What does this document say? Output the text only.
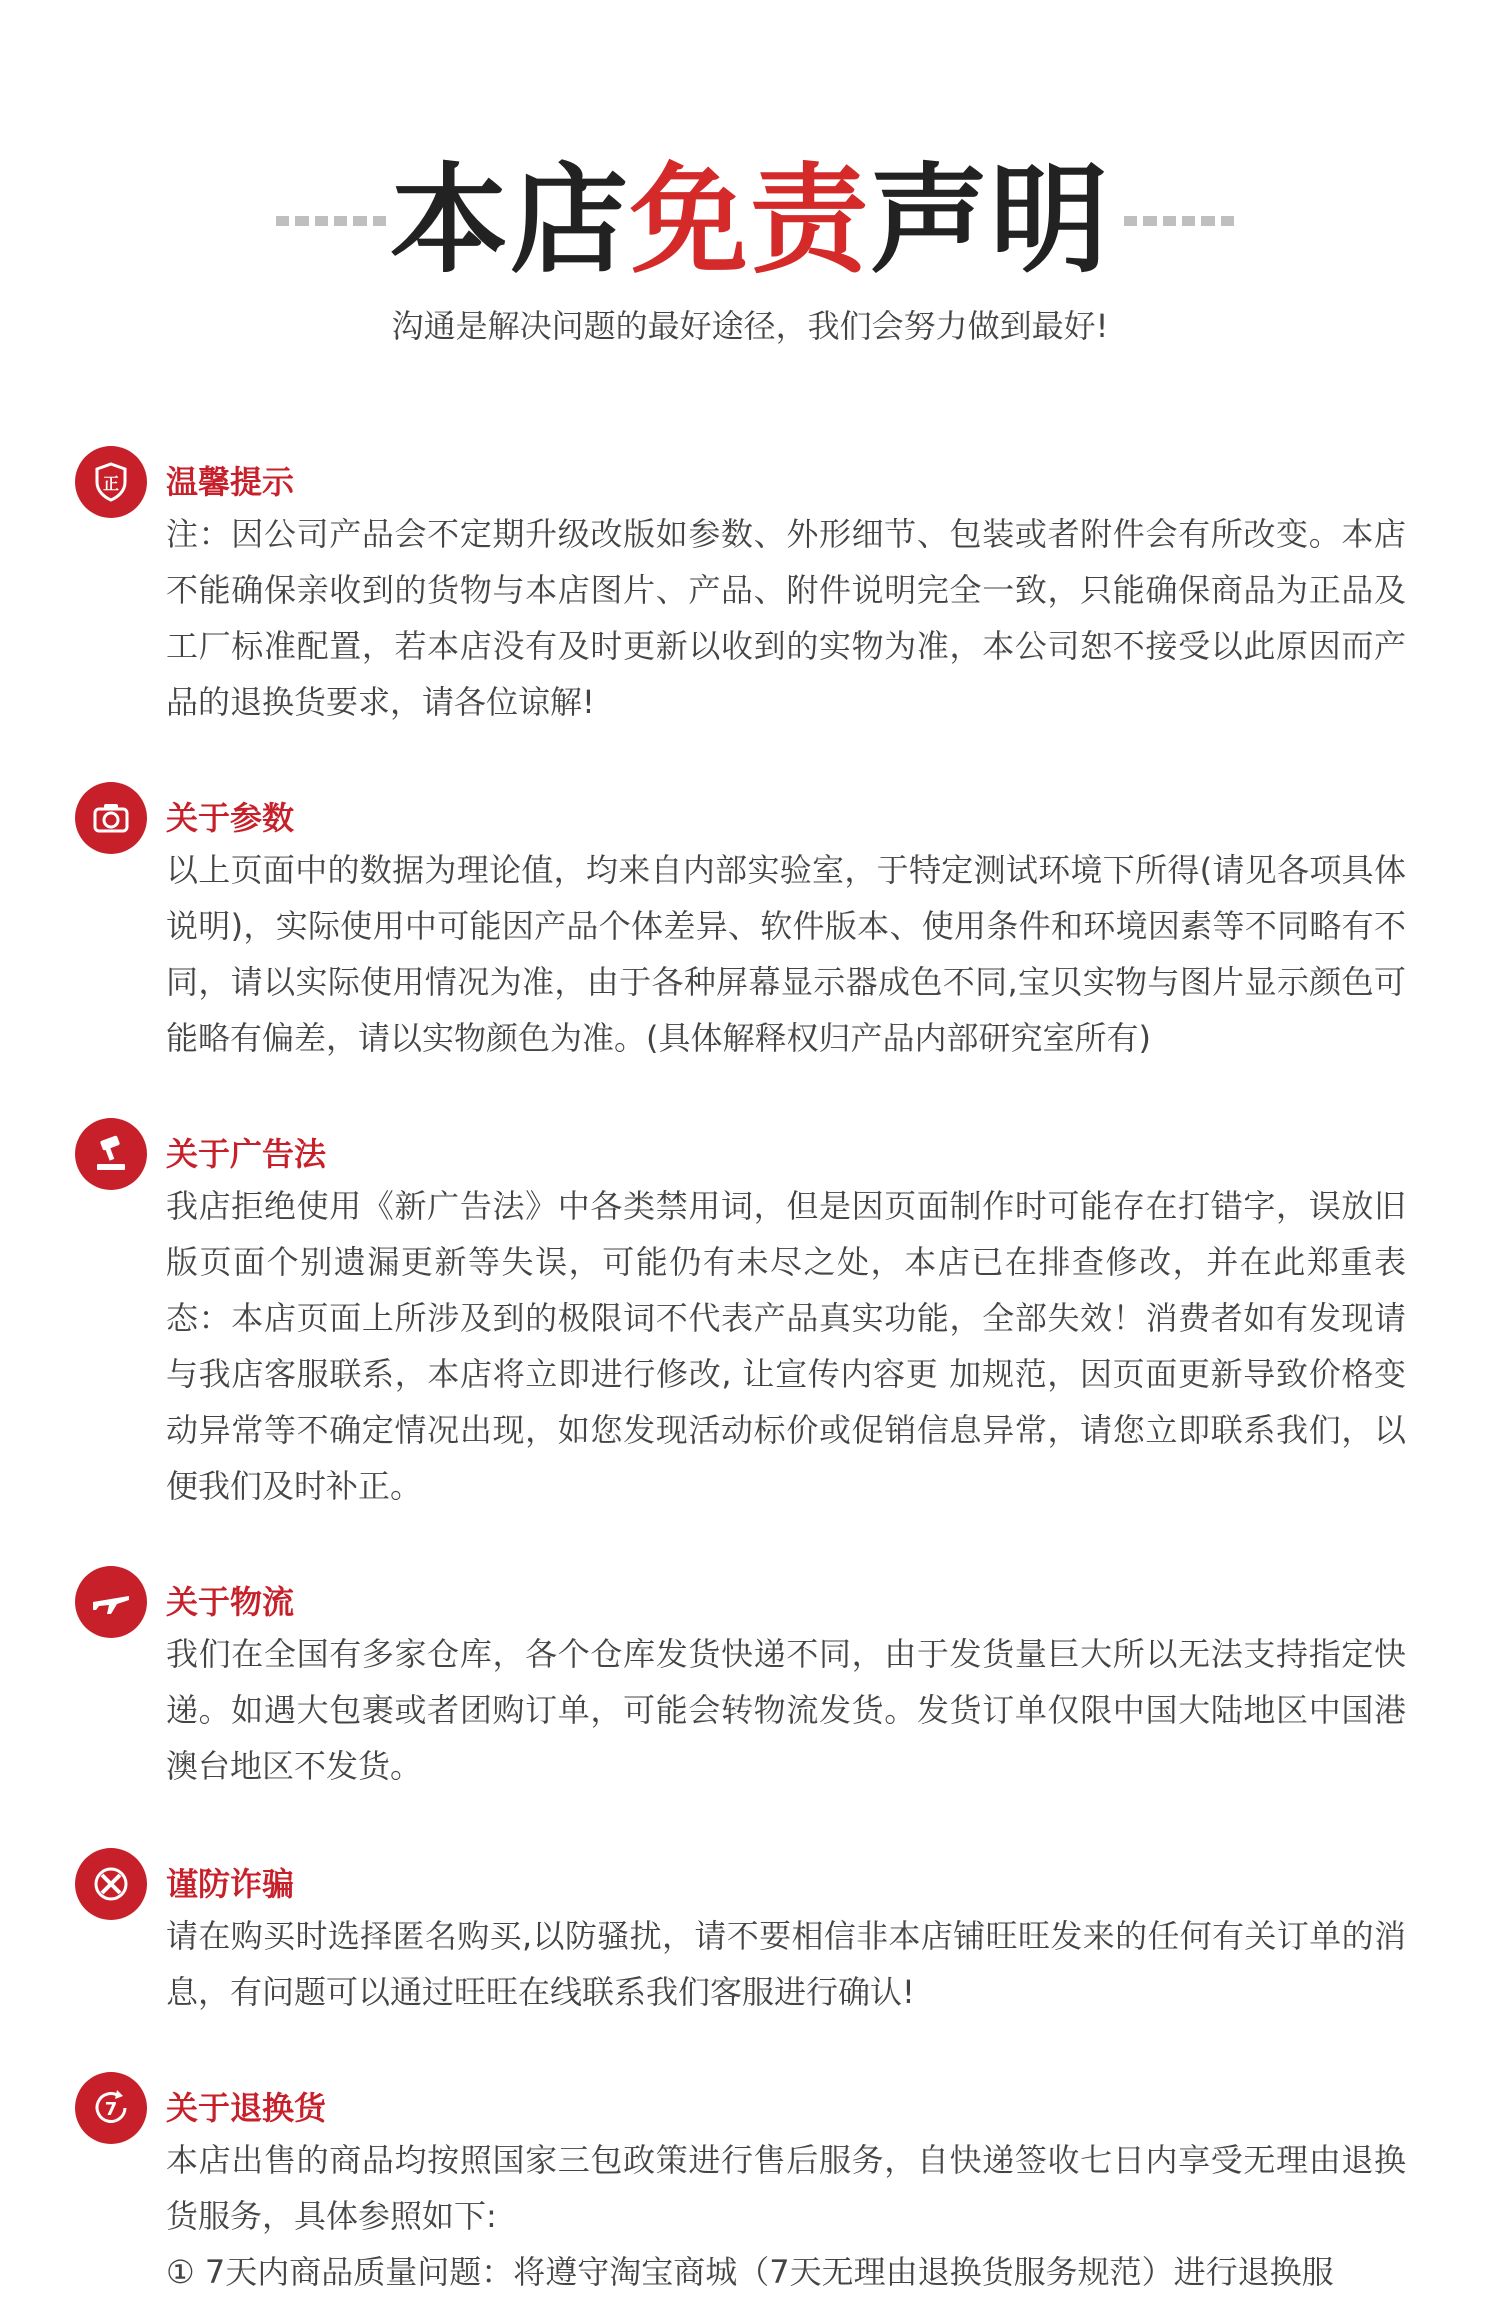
本店免责声明
沟通是解决问题的最好途径，我们会努力做到最好!
正 温馨提示

注：因公司产品会不定期升级改版如参数、外形细节、包装或者附件会有所改变。本店不能确保亲收到的货物与本店图片、产品、附件说明完全一致，只能确保商品为正品及工厂标准配置，若本店没有及时更新以收到的实物为准，本公司恕不接受以此原因而产品的退换货要求，请各位谅解!

关于参数

以上页面中的数据为理论值，均来自内部实验室，于特定测试环境下所得(请见各项具体说明)，实际使用中可能因产品个体差异、软件版本、使用条件和环境因素等不同略有不同，请以实际使用情况为准，由于各种屏幕显示器成色不同,宝贝实物与图片显示颜色可能略有偏差，请以实物颜色为准。(具体解释权归产品内部研究室所有)

关于广告法

我店拒绝使用《新广告法》中各类禁用词，但是因页面制作时可能存在打错字，误放旧版页面个别遗漏更新等失误，可能仍有未尽之处，本店已在排查修改，并在此郑重表态：本店页面上所涉及到的极限词不代表产品真实功能，全部失效！消费者如有发现请与我店客服联系，本店将立即进行修改, 让宣传内容更 加规范，因页面更新导致价格变动异常等不确定情况出现，如您发现活动标价或促销信息异常，请您立即联系我们，以便我们及时补正。

关于物流

我们在全国有多家仓库，各个仓库发货快递不同，由于发货量巨大所以无法支持指定快递。如遇大包裹或者团购订单，可能会转物流发货。发货订单仅限中国大陆地区中国港澳台地区不发货。

谨防诈骗

请在购买时选择匿名购买,以防骚扰，请不要相信非本店铺旺旺发来的任何有关订单的消息，有问题可以通过旺旺在线联系我们客服进行确认!

7 关于退换货

本店出售的商品均按照国家三包政策进行售后服务，自快递签收七日内享受无理由退换货服务，具体参照如下:

① 7天内商品质量问题：将遵守淘宝商城（7天无理由退换货服务规范）进行退换服
